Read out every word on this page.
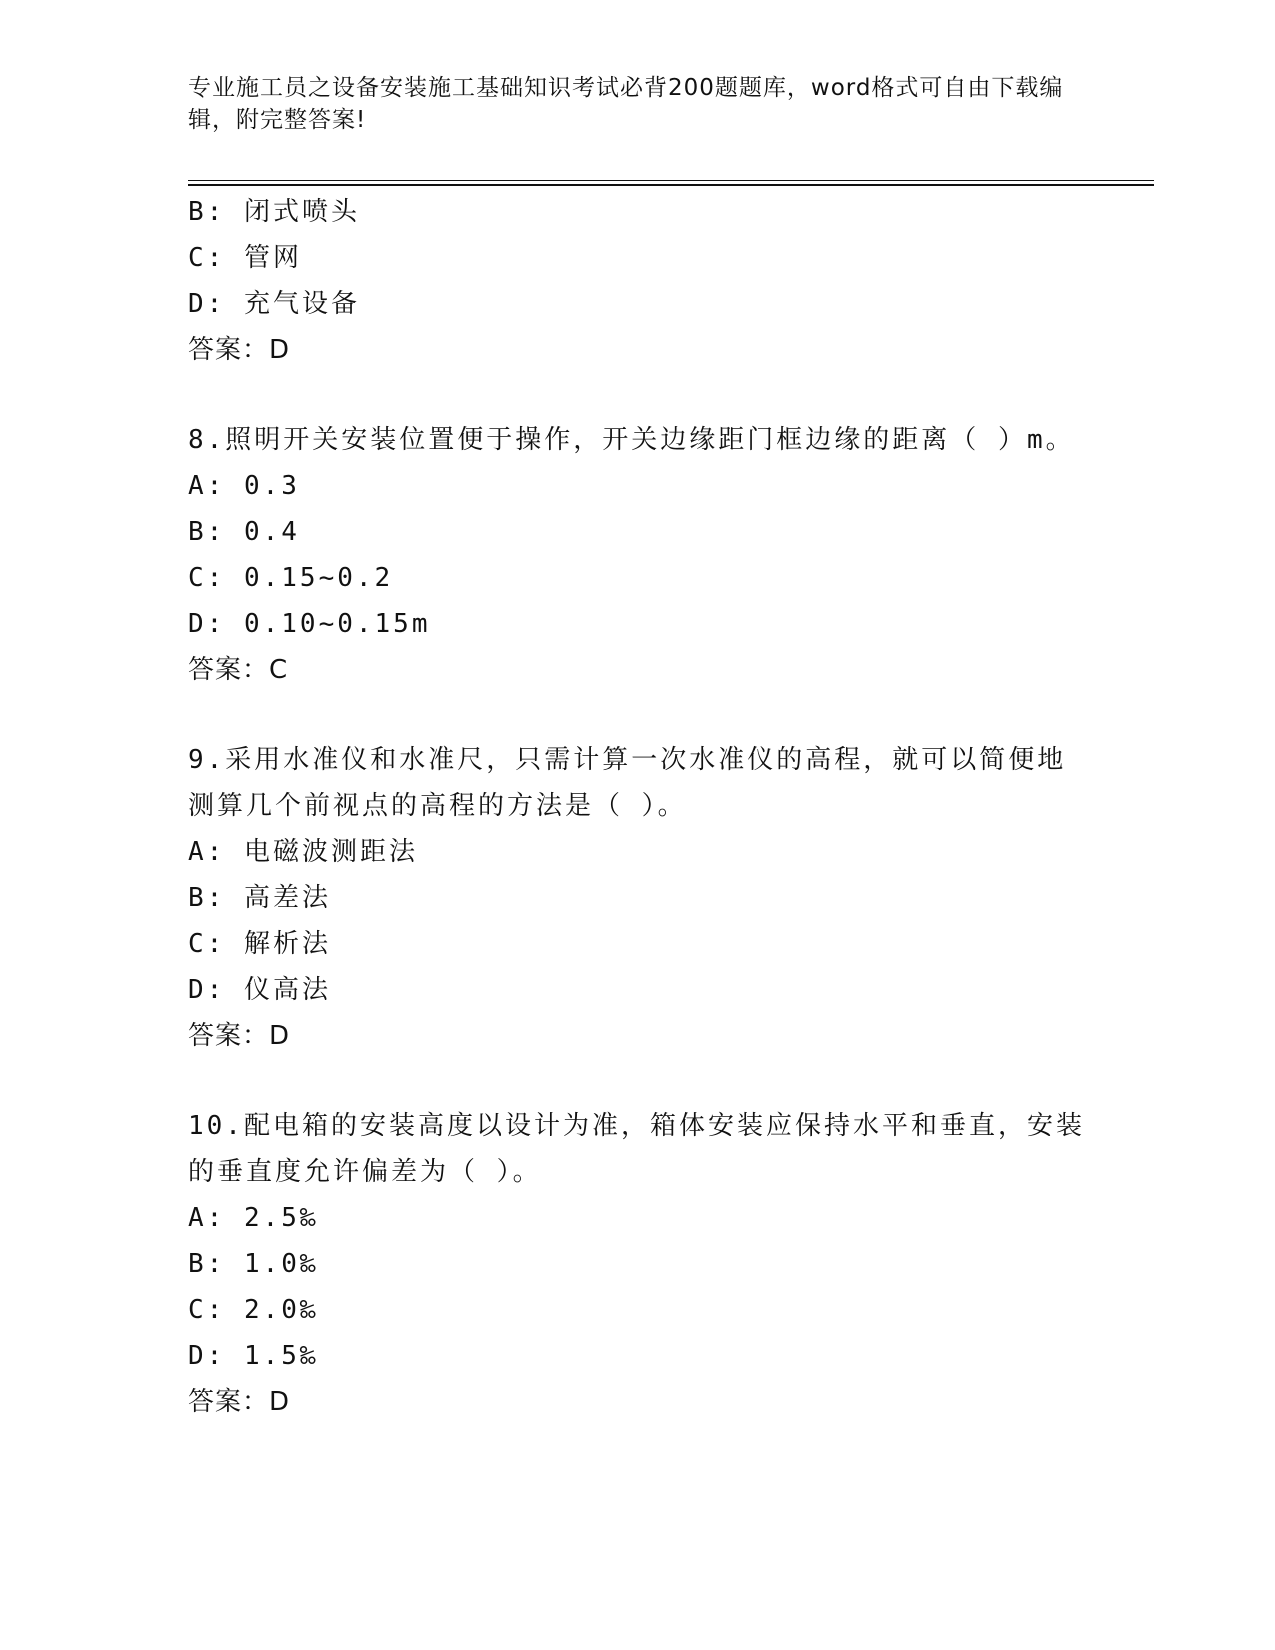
专业施工员之设备安装施工基础知识考试必背200题题库，word格式可自由下载编辑，附完整答案!
B: 闭式喷头
C: 管网
D: 充气设备
答案：D
8.照明开关安装位置便于操作，开关边缘距门框边缘的距离（ ）m。
A: 0.3
B: 0.4
C: 0.15~0.2
D: 0.10~0.15m
答案：C
9.采用水准仪和水准尺，只需计算一次水准仪的高程，就可以简便地
测算几个前视点的高程的方法是（ ）。
A: 电磁波测距法
B: 高差法
C: 解析法
D: 仪高法
答案：D
10.配电箱的安装高度以设计为准，箱体安装应保持水平和垂直，安装
的垂直度允许偏差为（ ）。
A: 2.5‰
B: 1.0‰
C: 2.0‰
D: 1.5‰
答案：D
